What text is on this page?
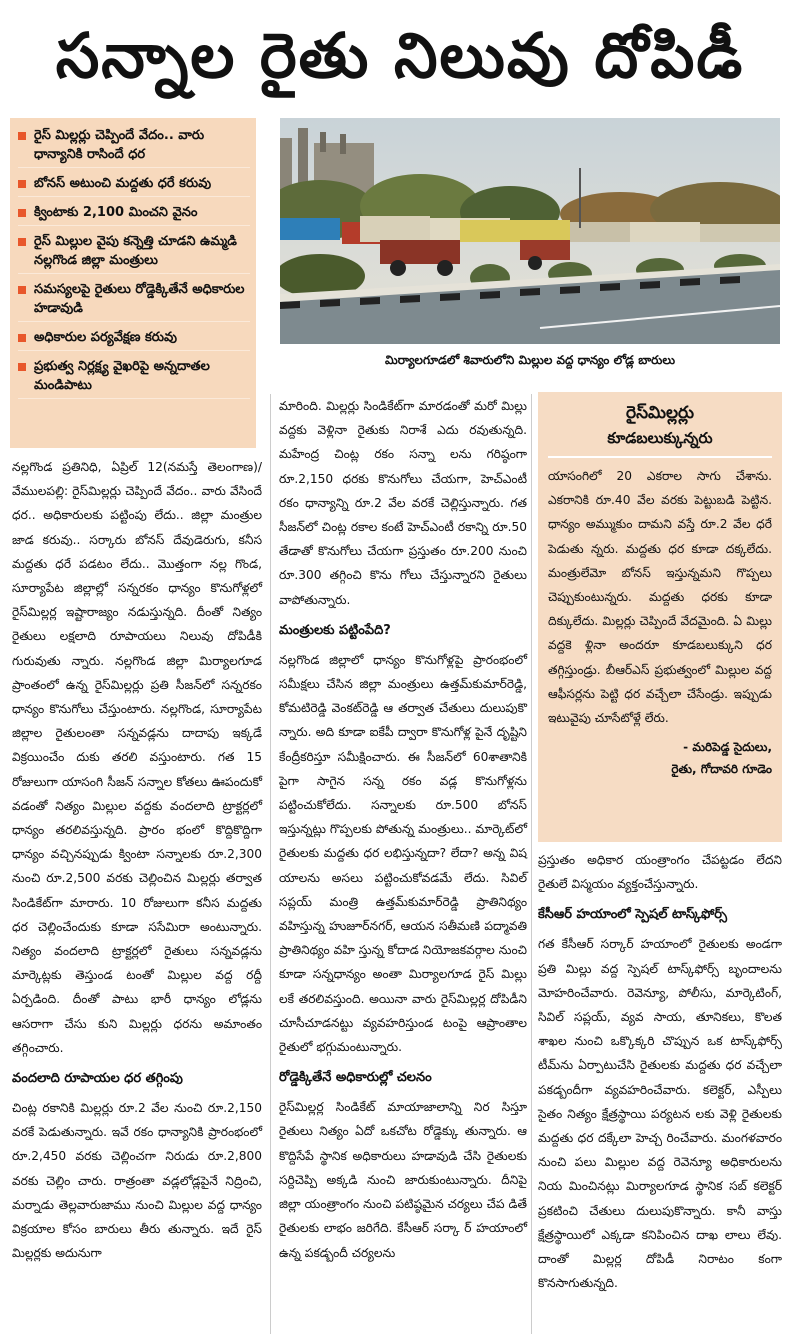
సన్నాల రైతు నిలువు దోపిడీ
రైస్ మిల్లర్లు చెప్పిందే వేదం.. వారు ధాన్యానికి రాసిందే ధర
బోనస్ అటుంచి మద్దతు ధరే కరువు
క్వింటాకు 2,100 మించని వైనం
రైస్ మిల్లుల వైపు కన్నెత్తి చూడని ఉమ్మడి నల్లగొండ జిల్లా మంత్రులు
సమస్యలపై రైతులు రోడ్డెక్కితేనే అధికారుల హడావుడి
అధికారుల పర్యవేక్షణ కరువు
ప్రభుత్వ నిర్లక్ష్య వైఖరిపై అన్నదాతల మండిపాటు
మిర్యాలగూడలో శివారులోని మిల్లుల వద్ద ధాన్యం లోడ్ల బారులు

నల్లగొండ ప్రతినిధి, ఏప్రిల్ 12(నమస్తే తెలంగాణ)/వేములపల్లి: రైస్‌మిల్లర్లు చెప్పిందే వేదం.. వారు వేసిందే ధర.. అధికారులకు పట్టింపు లేదు.. జిల్లా మంత్రుల జాడ కరువు.. సర్కారు బోనస్ దేవుడెరుగు, కనీస మద్దతు ధరే పడటం లేదు.. మొత్తంగా నల్ల గొండ, సూర్యాపేట జిల్లాల్లో సన్నరకం ధాన్యం కొనుగోళ్లలో రైస్‌మిల్లర్ల ఇష్టారాజ్యం నడుస్తున్నది. దీంతో నిత్యం రైతులు లక్షలాది రూపాయలు నిలువు దోపిడీకి గురువుతు న్నారు. నల్లగొండ జిల్లా మిర్యాలగూడ ప్రాంతంలో ఉన్న రైస్‌మిల్లర్లు ప్రతి సీజన్‌లో సన్నరకం ధాన్యం కొనుగోలు చేస్తుంటారు. నల్లగొండ, సూర్యాపేట జిల్లాల రైతులంతా సన్నవడ్లను దాదాపు ఇక్కడే విక్రయించేం దుకు తరలి వస్తుంటారు. గత 15 రోజులుగా యాసంగి సీజన్ సన్నాల కోతలు ఊపందుకో వడంతో నిత్యం మిల్లుల వద్దకు వందలాది ట్రాక్టర్లలో ధాన్యం తరలివస్తున్నది. ప్రారం భంలో కొద్దికొద్దిగా ధాన్యం వచ్చినప్పుడు క్వింటా సన్నాలకు రూ.2,300 నుంచి రూ.2,500 వరకు చెల్లించిన మిల్లర్లు తర్వాత సిండికేట్‌గా మారారు. 10 రోజులుగా కనీస మద్దతు ధర చెల్లించేందుకు కూడా ససేమిరా అంటున్నారు. నిత్యం వందలాది ట్రాక్టర్లలో రైతులు సన్నవడ్లను మార్కెట్లకు తెస్తుండ టంతో మిల్లుల వద్ద రద్దీ ఏర్పడింది. దీంతో పాటు భారీ ధాన్యం లోడ్లను ఆసరాగా చేసు కుని మిల్లర్లు ధరను అమాంతం తగ్గించారు.

వందలాది రూపాయల ధర తగ్గింపు

చింట్ల రకానికి మిల్లర్లు రూ.2 వేల నుంచి రూ.2,150 వరకే పెడుతున్నారు. ఇవే రకం ధాన్యానికి ప్రారంభంలో రూ.2,450 వరకు చెల్లించగా నిరుడు రూ.2,800 వరకు చెల్లిం చారు. రాత్రంతా వడ్లలోడ్లపైనే నిద్రించి, మర్నాడు తెల్లవారుజాము నుంచి మిల్లుల వద్ద ధాన్యం విక్రయాల కోసం బారులు తీరు తున్నారు. ఇదే రైస్ మిల్లర్లకు అదునుగా

మారింది. మిల్లర్లు సిండికేట్‌గా మారడంతో మరో మిల్లు వద్దకు వెళ్లినా రైతుకు నిరాశే ఎదు రవుతున్నది. మహేంద్ర చింట్ల రకం సన్నా లను గరిష్ఠంగా రూ.2,150 ధరకు కొనుగోలు చేయగా, హెచ్‌ఎంటీ రకం ధాన్యాన్ని రూ.2 వేల వరకే చెల్లిస్తున్నారు. గత సీజన్‌లో చింట్ల రకాల కంటే హెచ్‌ఎంటీ రకాన్ని రూ.50 తేడాతో కొనుగోలు చేయగా ప్రస్తుతం రూ.200 నుంచి రూ.300 తగ్గించి కొను గోలు చేస్తున్నారని రైతులు వాపోతున్నారు.

మంత్రులకు పట్టింపేది?

నల్లగొండ జిల్లాలో ధాన్యం కొనుగోళ్లపై ప్రారంభంలో సమీక్షలు చేసిన జిల్లా మంత్రులు ఉత్తమ్‌కుమార్‌రెడ్డి, కోమటిరెడ్డి వెంకట్‌రెడ్డి ఆ తర్వాత చేతులు దులుపుకొ న్నారు. అది కూడా ఐకేపీ ద్వారా కొనుగోళ్ల పైనే దృష్టిని కేంద్రీకరిస్తూ సమీక్షించారు. ఈ సీజన్‌లో 60శాతానికి పైగా సాగైన సన్న రకం వడ్ల కొనుగోళ్లను పట్టించుకోలేదు. సన్నాలకు రూ.500 బోనస్ ఇస్తున్నట్లు గొప్పలకు పోతున్న మంత్రులు.. మార్కెట్‌లో రైతులకు మద్దతు ధర లభిస్తున్నదా? లేదా? అన్న విష యాలను అసలు పట్టించుకోవడమే లేదు. సివిల్ సప్లయ్ మంత్రి ఉత్తమ్‌కుమార్‌రెడ్డి ప్రాతినిథ్యం వహిస్తున్న హుజూర్‌నగర్, ఆయన సతీమణి పద్మావతి ప్రాతినిథ్యం వహి స్తున్న కోదాడ నియోజకవర్గాల నుంచి కూడా సన్నధాన్యం అంతా మిర్యాలగూడ రైస్ మిల్లు లకే తరలివస్తుంది. అయినా వారు రైస్‌మిల్లర్ల దోపిడీని చూసీచూడనట్టు వ్యవహరిస్తుండ టంపై ఆప్రాంతాల రైతులో భగ్గుమంటున్నారు.

రోడ్డెక్కితేనే అధికారుల్లో చలనం

రైస్‌మిల్లర్ల సిండికేట్ మాయాజాలాన్ని నిర సిస్తూ రైతులు నిత్యం ఏదో ఒకచోట రోడ్డెక్కు తున్నారు. ఆ కొద్దిసేపే స్థానిక అధికారులు హడావుడి చేసి రైతులకు సర్దిచెప్పి అక్కడి నుంచి జారుకుంటున్నారు. దీనిపై జిల్లా యంత్రాంగం నుంచి పటిష్ఠమైన చర్యలు చేప డితే రైతులకు లాభం జరిగేది. కేసీఆర్ సర్కా ర్ హయాంలో ఉన్న పకడ్బందీ చర్యలను

రైస్‌మిల్లర్లు
కూడబలుక్కున్నరు

యాసంగిలో 20 ఎకరాల సాగు చేశాను. ఎకరానికి రూ.40 వేల వరకు పెట్టుబడి పెట్టిన. ధాన్యం అమ్ముకుం దామని వస్తే రూ.2 వేల ధరే పెడుతు న్నరు. మద్దతు ధర కూడా దక్కలేదు. మంత్రులేమో బోనస్ ఇస్తున్నమని గొప్పలు చెప్పుకుంటున్నరు. మద్దతు ధరకు కూడా దిక్కులేదు. మిల్లర్లు చెప్పిందే వేదమైంది. ఏ మిల్లు వద్దకె ళ్లినా అందరూ కూడబలుక్కుని ధర తగ్గిస్తుండ్రు. బీఆర్ఎస్ ప్రభుత్వంలో మిల్లుల వద్ద ఆఫీసర్లను పెట్టి ధర వచ్చేలా చేసేండ్రు. ఇప్పుడు ఇటువైపు చూసేటోళ్లే లేరు.

- మరిపెడ్డ సైదులు,
రైతు, గోదావరి గూడెం

ప్రస్తుతం అధికార యంత్రాంగం చేపట్టడం లేదని రైతులే విస్మయం వ్యక్తంచేస్తున్నారు.

కేసీఆర్ హయాంలో స్పెషల్ టాస్క్‌ఫోర్స్

గత కేసీఆర్ సర్కార్ హయాంలో రైతులకు అండగా ప్రతి మిల్లు వద్ద స్పెషల్ టాస్క్‌ఫోర్స్ బృందాలను మోహరించేవారు. రెవెన్యూ, పోలీసు, మార్కెటింగ్, సివిల్ సప్లయ్, వ్యవ సాయ, తూనికలు, కొలత శాఖల నుంచి ఒక్కొక్కరి చొప్పున ఒక టాస్క్‌ఫోర్స్ టీమ్‌ను ఏర్పాటుచేసి రైతులకు మద్దతు ధర వచ్చేలా పకడ్బందీగా వ్యవహరించేవారు. కలెక్టర్, ఎస్పీలు సైతం నిత్యం క్షేత్రస్థాయి పర్యటన లకు వెళ్లి రైతులకు మద్దతు ధర దక్కేలా హెచ్చ రించేవారు. మంగళవారం నుంచి పలు మిల్లుల వద్ద రెవెన్యూ అధికారులను నియ మించినట్లు మిర్యాలగూడ స్థానిక సబ్ కలెక్టర్ ప్రకటించి చేతులు దులుపుకొన్నారు. కానీ వాస్తు క్షేత్రస్థాయిలో ఎక్కడా కనిపించిన దాఖ లాలు లేవు. దాంతో మిల్లర్ల దోపిడీ నిరాటం కంగా కొనసాగుతున్నది.
